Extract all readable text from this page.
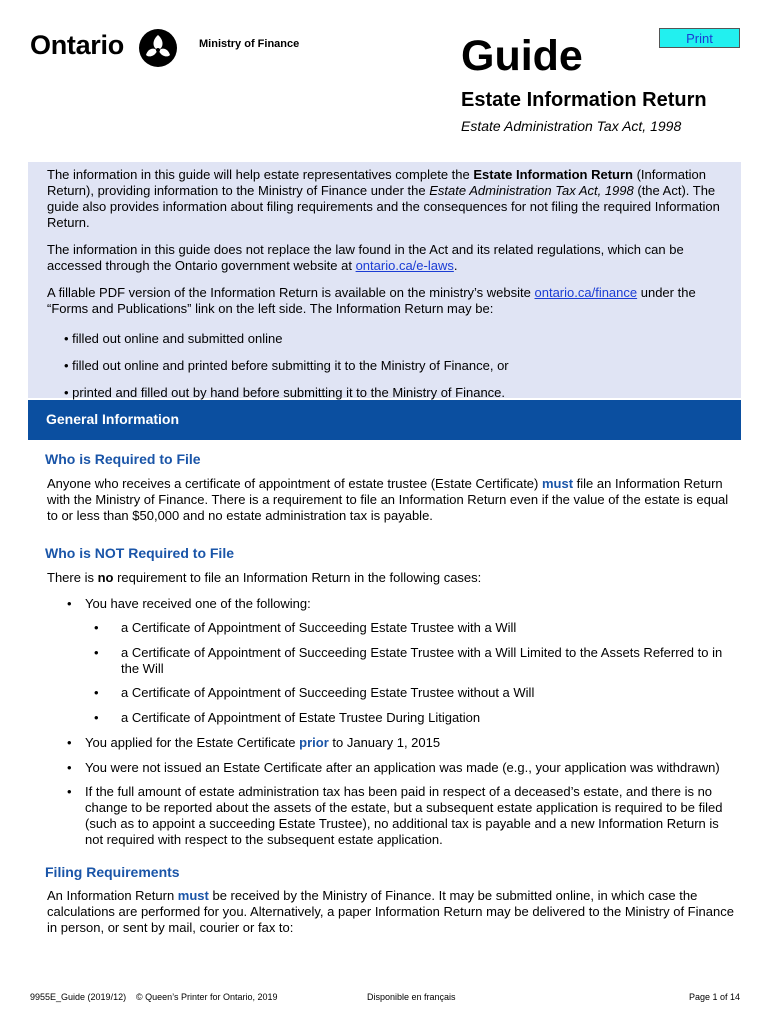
Ontario	Ministry of Finance	Print
Guide
Estate Information Return
Estate Administration Tax Act, 1998

The information in this guide will help estate representatives complete the Estate Information Return (Information Return), providing information to the Ministry of Finance under the Estate Administration Tax Act, 1998 (the Act). The guide also provides information about filing requirements and the consequences for not filing the required Information Return.

The information in this guide does not replace the law found in the Act and its related regulations, which can be accessed through the Ontario government website at ontario.ca/e-laws.

A fillable PDF version of the Information Return is available on the ministry’s website ontario.ca/finance under the “Forms and Publications” link on the left side. The Information Return may be:

• filled out online and submitted online
• filled out online and printed before submitting it to the Ministry of Finance, or
• printed and filled out by hand before submitting it to the Ministry of Finance.
General Information
Who is Required to File
Anyone who receives a certificate of appointment of estate trustee (Estate Certificate) must file an Information Return with the Ministry of Finance. There is a requirement to file an Information Return even if the value of the estate is equal to or less than $50,000 and no estate administration tax is payable.
Who is NOT Required to File
There is no requirement to file an Information Return in the following cases:
• You have received one of the following:
• a Certificate of Appointment of Succeeding Estate Trustee with a Will
• a Certificate of Appointment of Succeeding Estate Trustee with a Will Limited to the Assets Referred to in the Will
• a Certificate of Appointment of Succeeding Estate Trustee without a Will
• a Certificate of Appointment of Estate Trustee During Litigation
• You applied for the Estate Certificate prior to January 1, 2015
• You were not issued an Estate Certificate after an application was made (e.g., your application was withdrawn)
• If the full amount of estate administration tax has been paid in respect of a deceased’s estate, and there is no change to be reported about the assets of the estate, but a subsequent estate application is required to be filed (such as to appoint a succeeding Estate Trustee), no additional tax is payable and a new Information Return is not required with respect to the subsequent estate application.
Filing Requirements
An Information Return must be received by the Ministry of Finance. It may be submitted online, in which case the calculations are performed for you. Alternatively, a paper Information Return may be delivered to the Ministry of Finance in person, or sent by mail, courier or fax to:
9955E_Guide (2019/12) © Queen’s Printer for Ontario, 2019	Disponible en français	Page 1 of 14
